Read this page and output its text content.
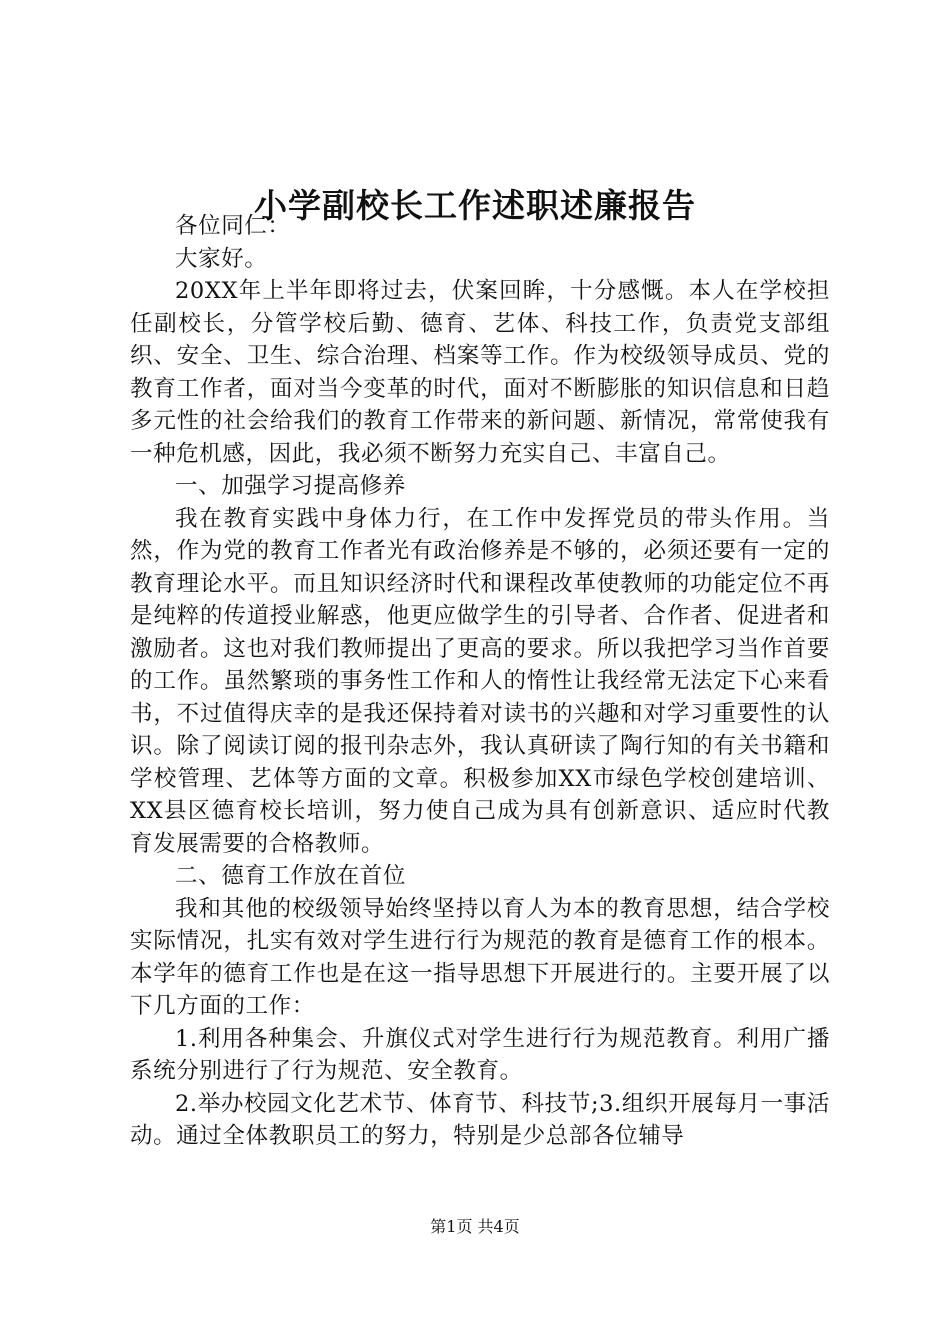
小学副校长工作述职述廉报告

各位同仁：

大家好。

20XX年上半年即将过去，伏案回眸，十分感慨。本人在学校担任副校长，分管学校后勤、德育、艺体、科技工作，负责党支部组织、安全、卫生、综合治理、档案等工作。作为校级领导成员、党的教育工作者，面对当今变革的时代，面对不断膨胀的知识信息和日趋多元性的社会给我们的教育工作带来的新问题、新情况，常常使我有一种危机感，因此，我必须不断努力充实自己、丰富自己。

一、加强学习提高修养

我在教育实践中身体力行，在工作中发挥党员的带头作用。当然，作为党的教育工作者光有政治修养是不够的，必须还要有一定的教育理论水平。而且知识经济时代和课程改革使教师的功能定位不再是纯粹的传道授业解惑，他更应做学生的引导者、合作者、促进者和激励者。这也对我们教师提出了更高的要求。所以我把学习当作首要的工作。虽然繁琐的事务性工作和人的惰性让我经常无法定下心来看书，不过值得庆幸的是我还保持着对读书的兴趣和对学习重要性的认识。除了阅读订阅的报刊杂志外，我认真研读了陶行知的有关书籍和学校管理、艺体等方面的文章。积极参加XX市绿色学校创建培训、XX县区德育校长培训，努力使自己成为具有创新意识、适应时代教育发展需要的合格教师。

二、德育工作放在首位

我和其他的校级领导始终坚持以育人为本的教育思想，结合学校实际情况，扎实有效对学生进行行为规范的教育是德育工作的根本。本学年的德育工作也是在这一指导思想下开展进行的。主要开展了以下几方面的工作：

1.利用各种集会、升旗仪式对学生进行行为规范教育。利用广播系统分别进行了行为规范、安全教育。

2.举办校园文化艺术节、体育节、科技节;3.组织开展每月一事活动。通过全体教职员工的努力，特别是少总部各位辅导

第1页 共4页
